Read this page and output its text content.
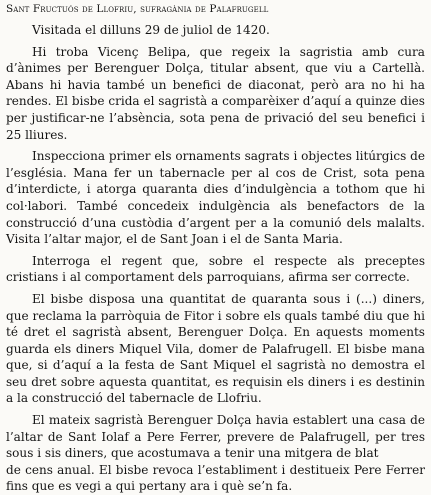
Sant Fructuós de Llofriu, sufragània de Palafrugell

Visitada el dilluns 29 de juliol de 1420.

Hi troba Vicenç Belipa, que regeix la sagristia amb cura d’ànimes per Berenguer Dolça, titular absent, que viu a Cartellà. Abans hi havia també un benefici de diaconat, però ara no hi ha rendes. El bisbe crida el sagristà a comparèixer d’aquí a quinze dies per justificar-ne l’absència, sota pena de privació del seu benefici i 25 lliures.

Inspecciona primer els ornaments sagrats i objectes litúrgics de l’església. Mana fer un tabernacle per al cos de Crist, sota pena d’interdicte, i atorga quaranta dies d’indulgència a tothom que hi col·labori. També concedeix indulgència als benefactors de la construcció d’una custòdia d’argent per a la comunió dels malalts. Visita l’altar major, el de Sant Joan i el de Santa Maria.

Interroga el regent que, sobre el respecte als preceptes cristians i al comportament dels parroquians, afirma ser correcte.

El bisbe disposa una quantitat de quaranta sous i (...) diners, que reclama la parròquia de Fitor i sobre els quals també diu que hi té dret el sagristà absent, Berenguer Dolça. En aquests moments guarda els diners Miquel Vila, domer de Palafrugell. El bisbe mana que, si d’aquí a la festa de Sant Miquel el sagristà no demostra el seu dret sobre aquesta quantitat, es requisin els diners i es destinin a la construcció del tabernacle de Llofriu.

El mateix sagristà Berenguer Dolça havia establert una casa de l’altar de Sant Iolaf a Pere Ferrer, prevere de Palafrugell, per tres sous i sis diners, que acostumava a tenir una mitgera de blat

de cens anual. El bisbe revoca l’establiment i destitueix Pere Ferrer fins que es vegi a qui pertany ara i què se’n fa.
